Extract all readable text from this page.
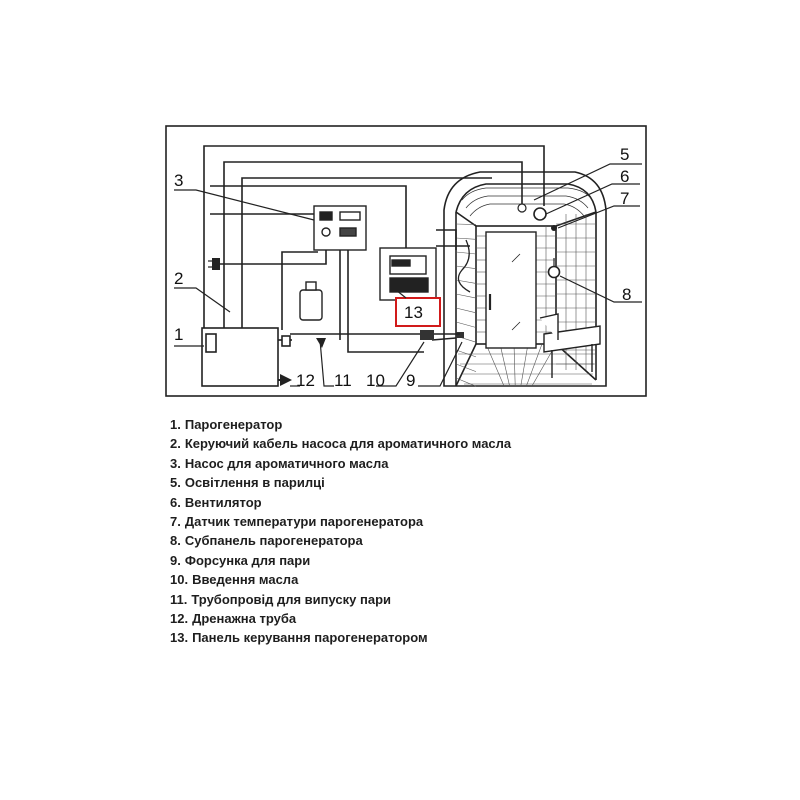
1
2
3
5
6
7
8
9
10
11
12
13
1. Парогенератор
2. Керуючий кабель насоса для ароматичного масла
3. Насос для ароматичного масла
5. Освітлення в парилці
6. Вентилятор
7. Датчик температури парогенератора
8. Субпанель парогенератора
9. Форсунка для пари
10. Введення масла
11. Трубопровід для випуску пари
12. Дренажна труба
13. Панель керування парогенератором
